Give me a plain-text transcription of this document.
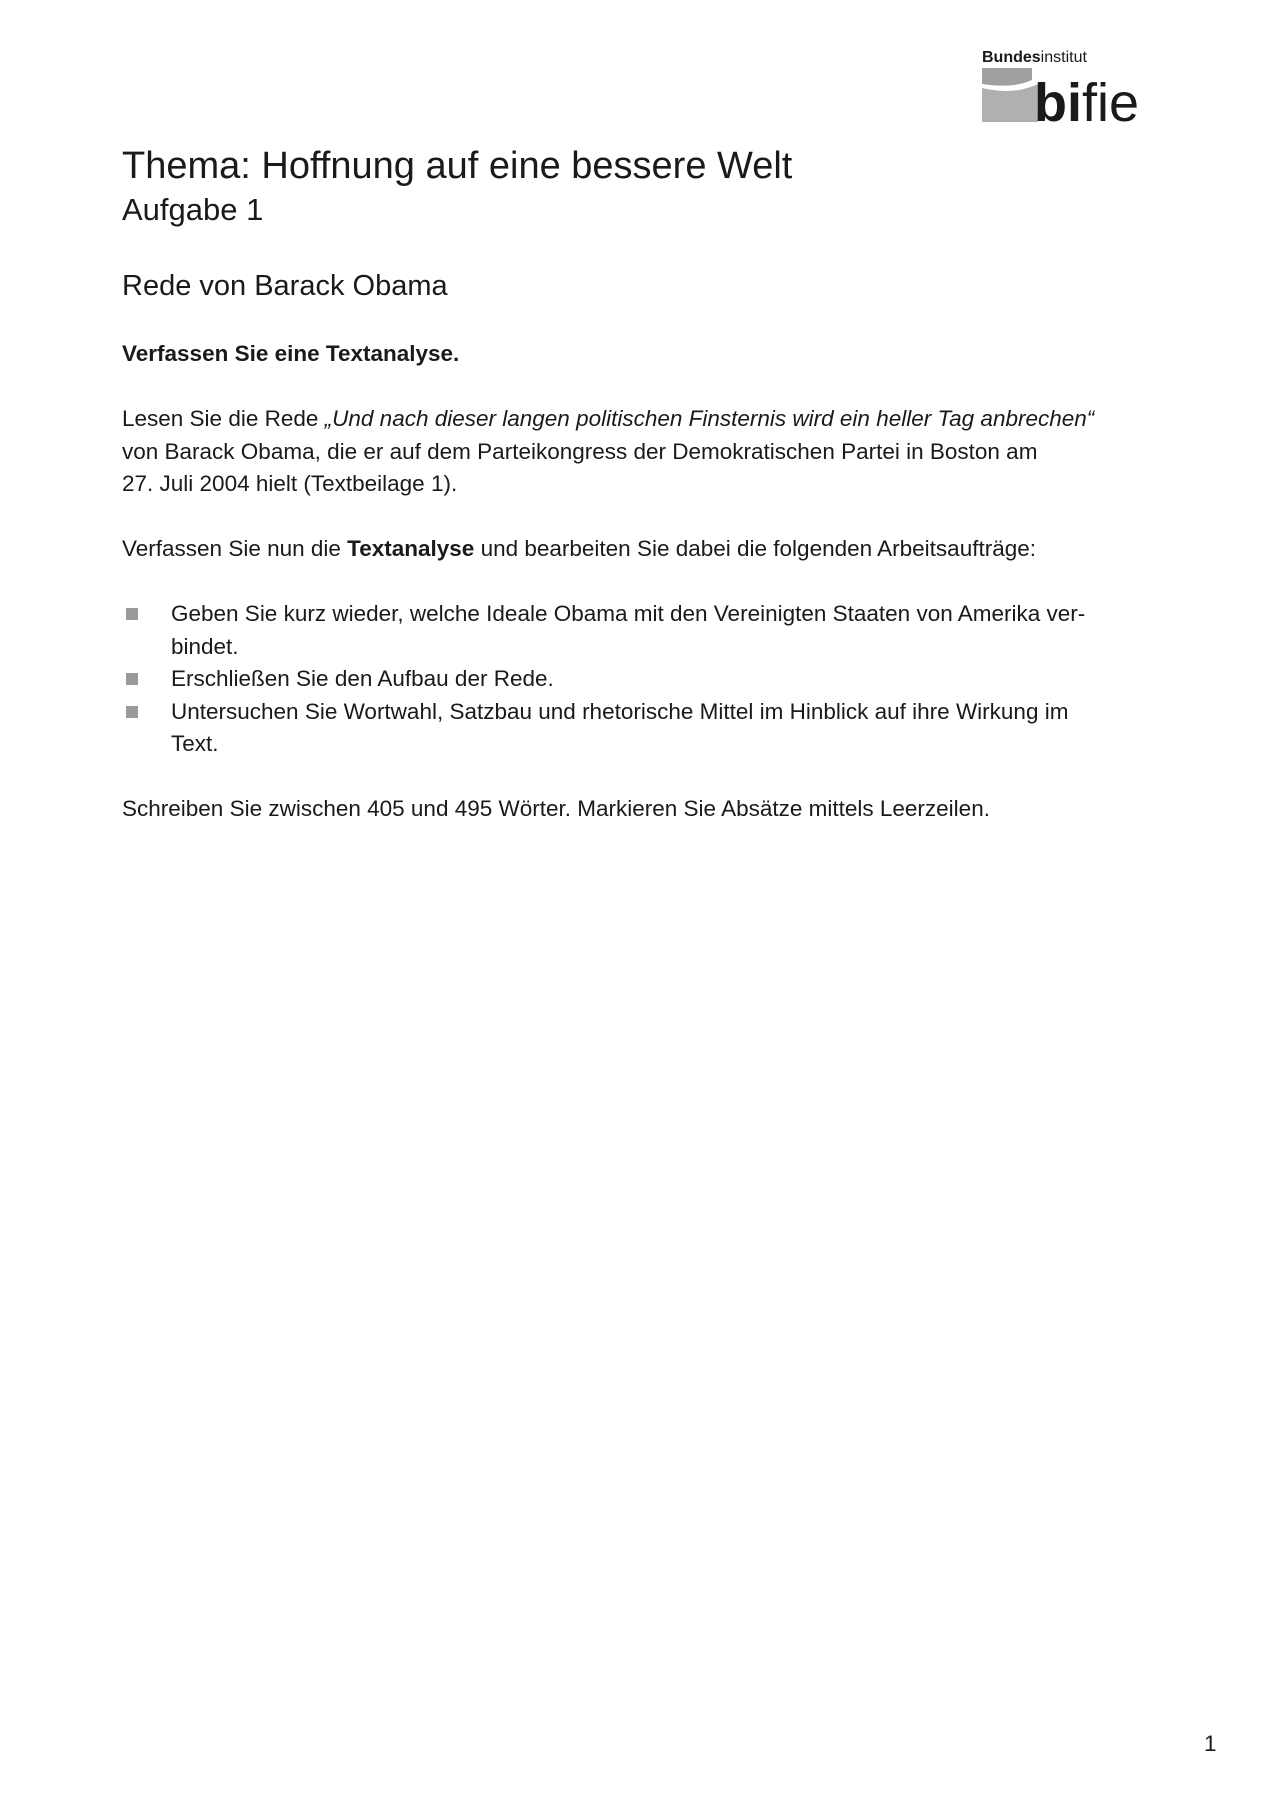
Bundesinstitut
bifie
Thema: Hoffnung auf eine bessere Welt
Aufgabe 1
Rede von Barack Obama

Verfassen Sie eine Textanalyse.

Lesen Sie die Rede „Und nach dieser langen politischen Finsternis wird ein heller Tag anbrechen“
von Barack Obama, die er auf dem Parteikongress der Demokratischen Partei in Boston am
27. Juli 2004 hielt (Textbeilage 1).

Verfassen Sie nun die Textanalyse und bearbeiten Sie dabei die folgenden Arbeitsaufträge:

Geben Sie kurz wieder, welche Ideale Obama mit den Vereinigten Staaten von Amerika ver-
bindet.
Erschließen Sie den Aufbau der Rede.
Untersuchen Sie Wortwahl, Satzbau und rhetorische Mittel im Hinblick auf ihre Wirkung im
Text.

Schreiben Sie zwischen 405 und 495 Wörter. Markieren Sie Absätze mittels Leerzeilen.

1
